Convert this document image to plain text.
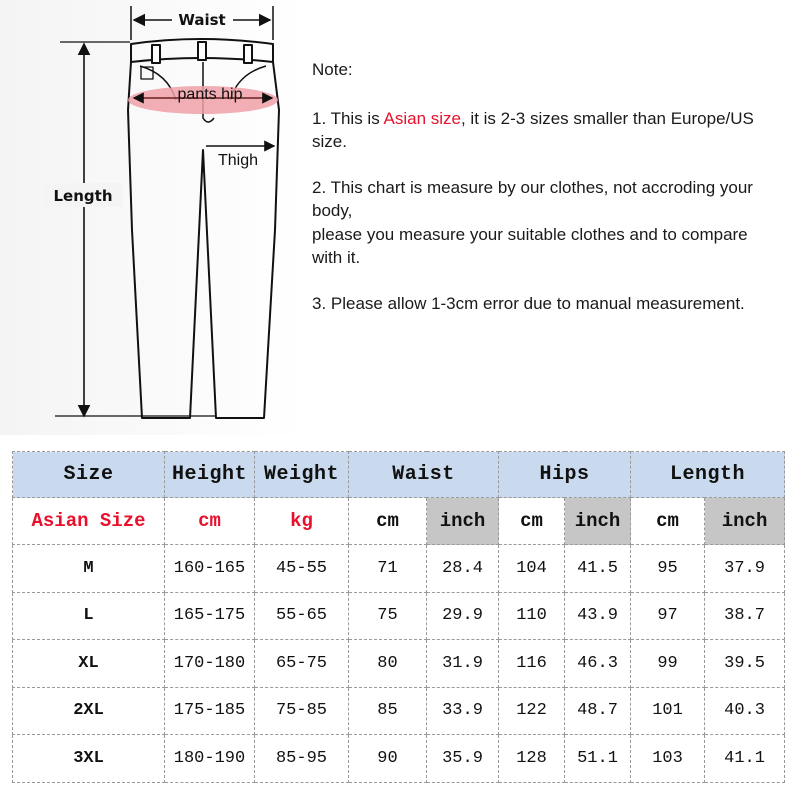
Waist
Length
pants hip
Thigh

Note:

1. This is Asian size, it is 2-3 sizes smaller than Europe/US size.

2. This chart is measure by our clothes, not accroding your body,
please you measure your suitable clothes and to compare with it.

3. Please allow 1-3cm error due to manual measurement.

Size	Height	Weight	Waist		Hips		Length	
Asian Size	cm	kg	cm	inch	cm	inch	cm	inch
M	160-165	45-55	71	28.4	104	41.5	95	37.9
L	165-175	55-65	75	29.9	110	43.9	97	38.7
XL	170-180	65-75	80	31.9	116	46.3	99	39.5
2XL	175-185	75-85	85	33.9	122	48.7	101	40.3
3XL	180-190	85-95	90	35.9	128	51.1	103	41.1
